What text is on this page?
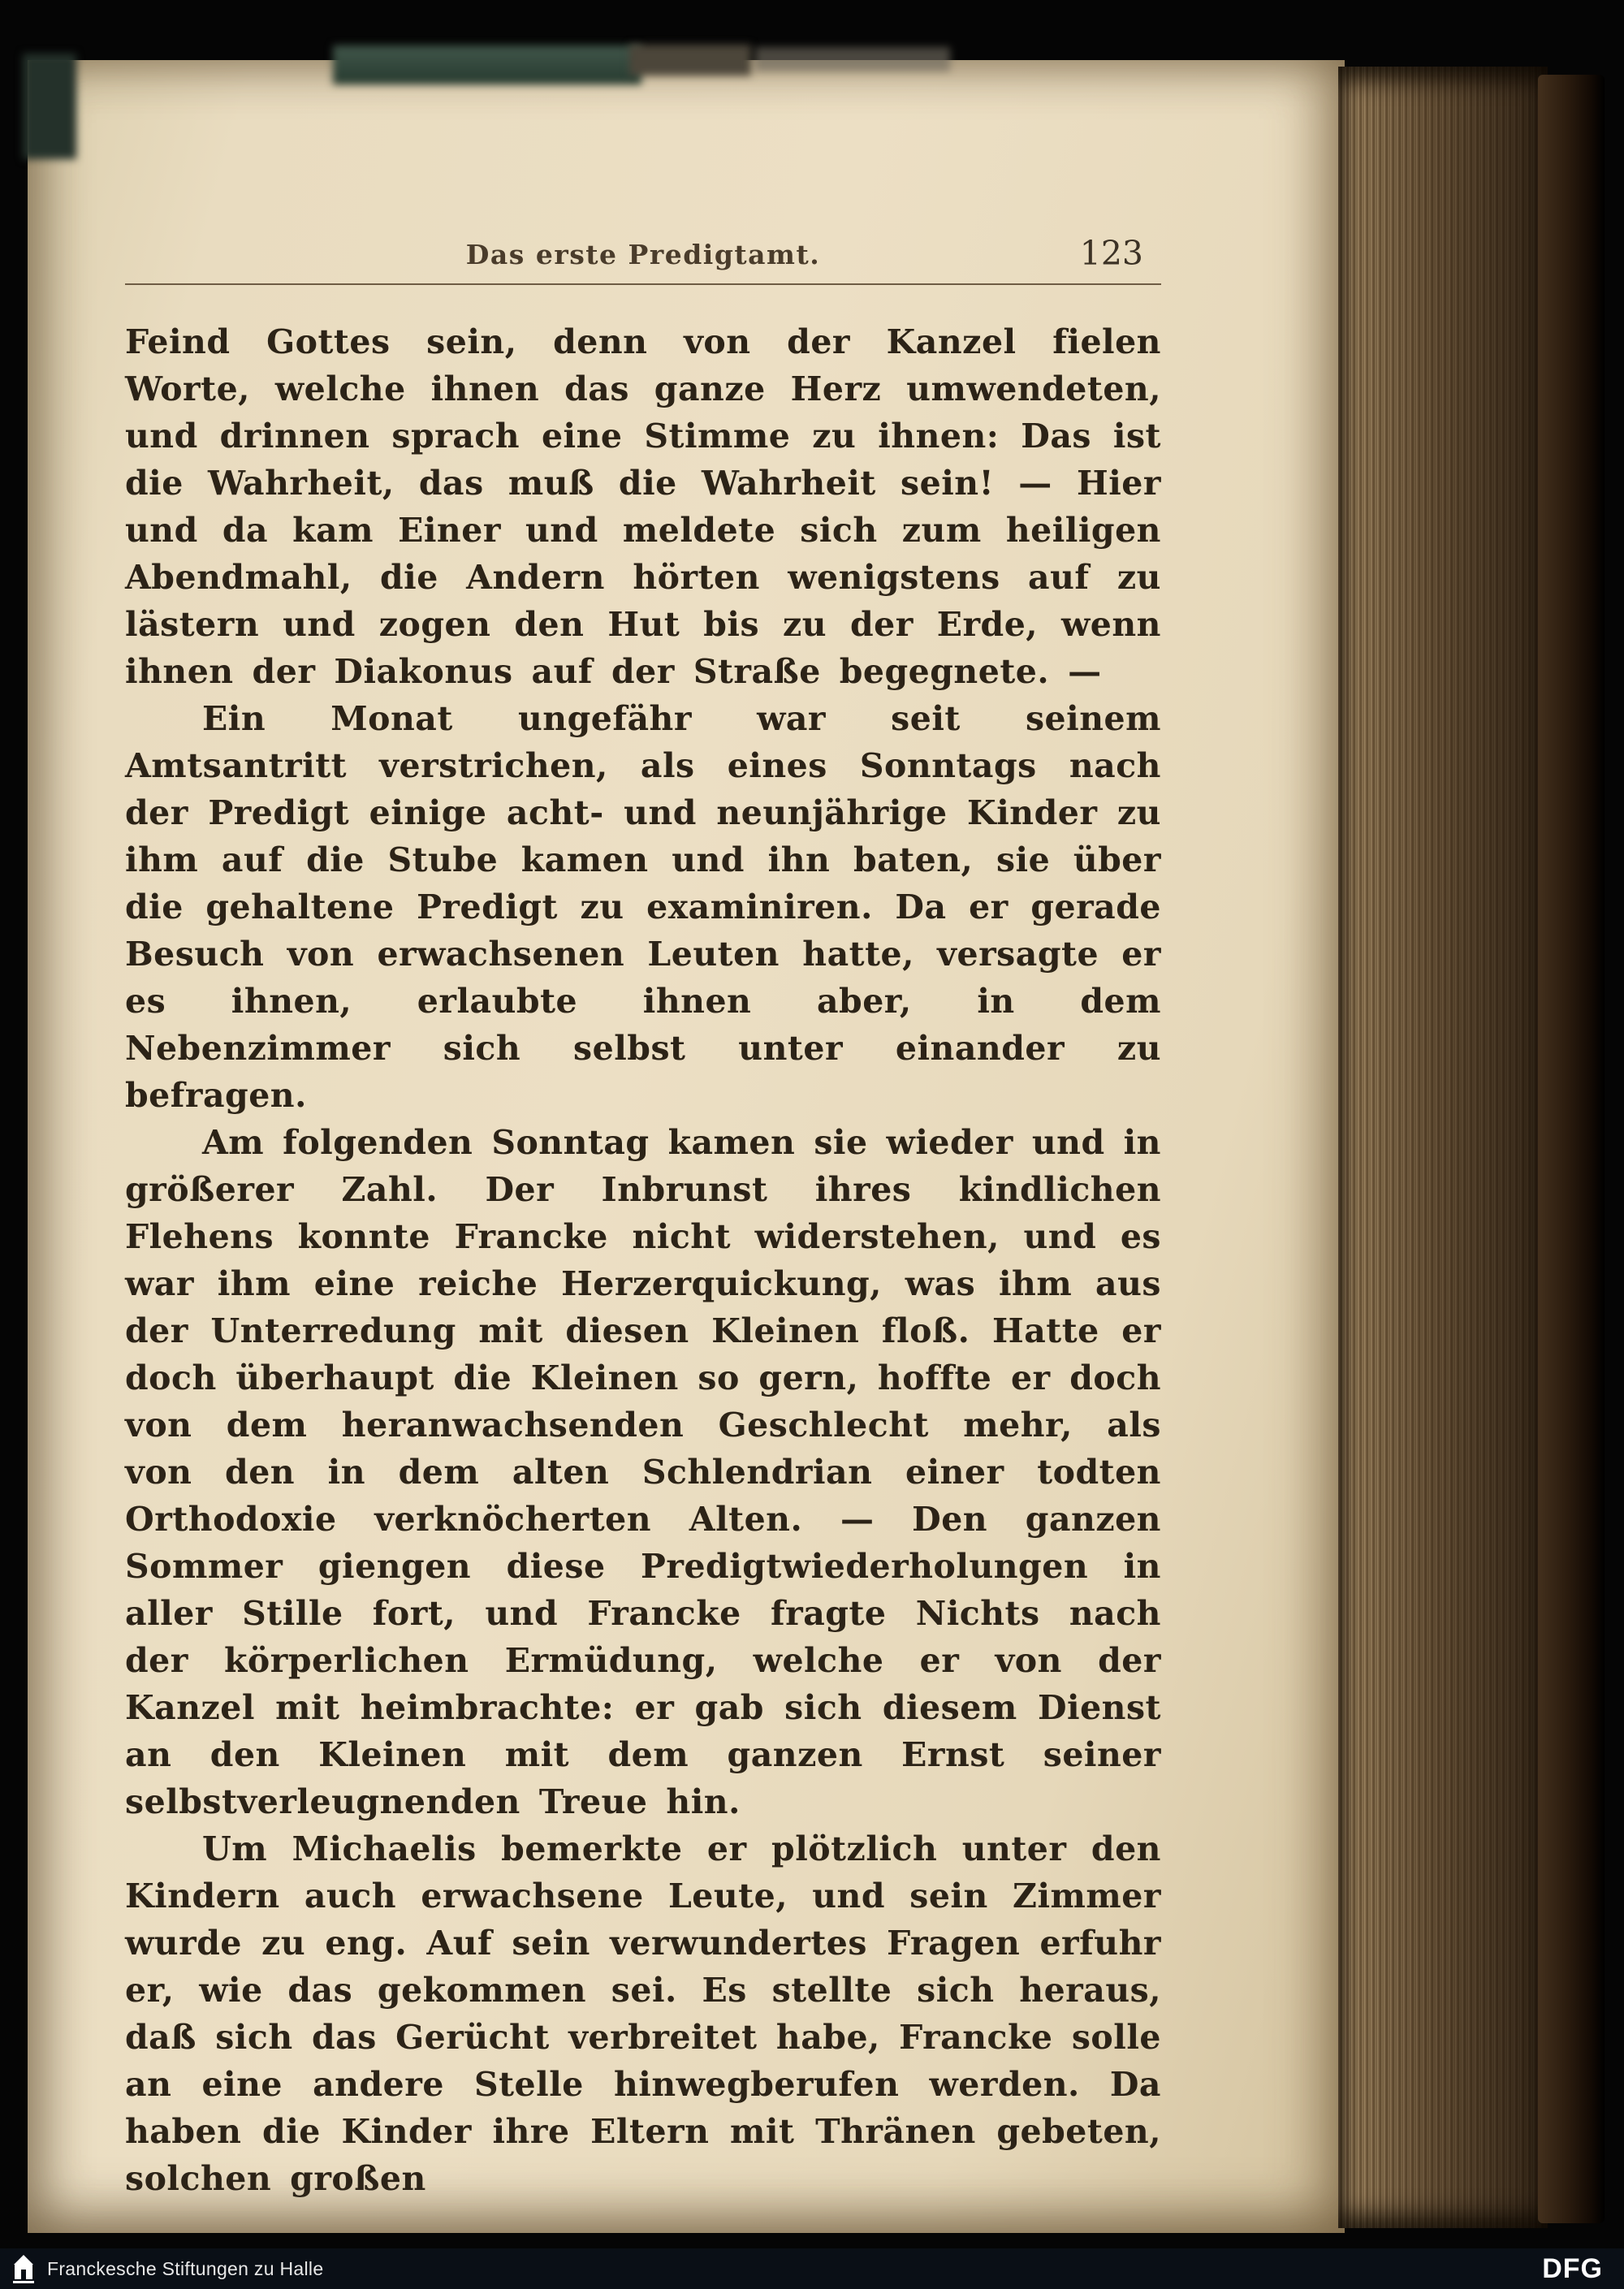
Das erste Predigtamt.	123

Feind Gottes sein, denn von der Kanzel fielen Worte, welche ihnen das ganze Herz umwendeten, und drinnen sprach eine Stimme zu ihnen: Das ist die Wahrheit, das muß die Wahrheit sein! — Hier und da kam Einer und meldete sich zum heiligen Abendmahl, die Andern hörten wenigstens auf zu lästern und zogen den Hut bis zu der Erde, wenn ihnen der Diakonus auf der Straße begegnete. —

Ein Monat ungefähr war seit seinem Amtsantritt verstrichen, als eines Sonntags nach der Predigt einige acht- und neunjährige Kinder zu ihm auf die Stube kamen und ihn baten, sie über die gehaltene Predigt zu examiniren. Da er gerade Besuch von erwachsenen Leuten hatte, versagte er es ihnen, erlaubte ihnen aber, in dem Nebenzimmer sich selbst unter einander zu befragen.

Am folgenden Sonntag kamen sie wieder und in größerer Zahl. Der Inbrunst ihres kindlichen Flehens konnte Francke nicht widerstehen, und es war ihm eine reiche Herzerquickung, was ihm aus der Unterredung mit diesen Kleinen floß. Hatte er doch überhaupt die Kleinen so gern, hoffte er doch von dem heranwachsenden Geschlecht mehr, als von den in dem alten Schlendrian einer todten Orthodoxie verknöcherten Alten. — Den ganzen Sommer giengen diese Predigtwiederholungen in aller Stille fort, und Francke fragte Nichts nach der körperlichen Ermüdung, welche er von der Kanzel mit heimbrachte: er gab sich diesem Dienst an den Kleinen mit dem ganzen Ernst seiner selbstverleugnenden Treue hin.

Um Michaelis bemerkte er plötzlich unter den Kindern auch erwachsene Leute, und sein Zimmer wurde zu eng. Auf sein verwundertes Fragen erfuhr er, wie das gekommen sei. Es stellte sich heraus, daß sich das Gerücht verbreitet habe, Francke solle an eine andere Stelle hinwegberufen werden. Da haben die Kinder ihre Eltern mit Thränen gebeten, solchen großen

Franckesche Stiftungen zu Halle	DFG
